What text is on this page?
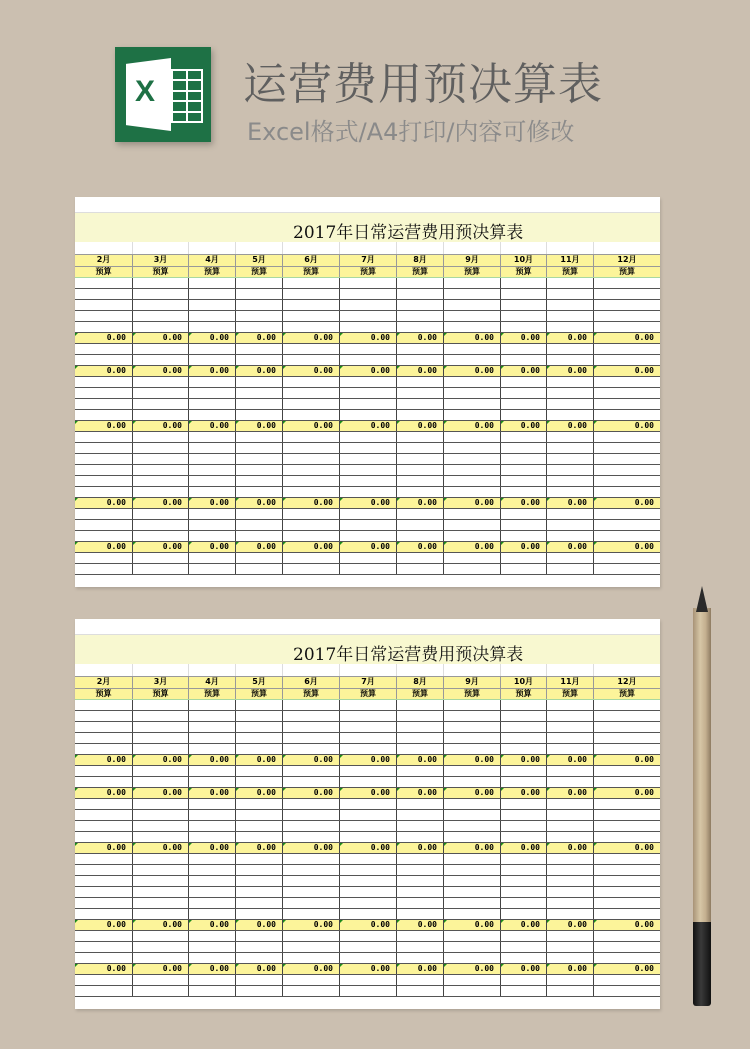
X 运营费用预决算表
Excel格式/A4打印/内容可修改
2017年日常运营费用预决算表
2月	3月	4月	5月	6月	7月	8月	9月	10月	11月	12月
预算	预算	预算	预算	预算	预算	预算	预算	预算	预算	预算
0.00	0.00	0.00	0.00	0.00	0.00	0.00	0.00	0.00	0.00	0.00
0.00	0.00	0.00	0.00	0.00	0.00	0.00	0.00	0.00	0.00	0.00
0.00	0.00	0.00	0.00	0.00	0.00	0.00	0.00	0.00	0.00	0.00
0.00	0.00	0.00	0.00	0.00	0.00	0.00	0.00	0.00	0.00	0.00
0.00	0.00	0.00	0.00	0.00	0.00	0.00	0.00	0.00	0.00	0.00
2017年日常运营费用预决算表
2月	3月	4月	5月	6月	7月	8月	9月	10月	11月	12月
预算	预算	预算	预算	预算	预算	预算	预算	预算	预算	预算
0.00	0.00	0.00	0.00	0.00	0.00	0.00	0.00	0.00	0.00	0.00
0.00	0.00	0.00	0.00	0.00	0.00	0.00	0.00	0.00	0.00	0.00
0.00	0.00	0.00	0.00	0.00	0.00	0.00	0.00	0.00	0.00	0.00
0.00	0.00	0.00	0.00	0.00	0.00	0.00	0.00	0.00	0.00	0.00
0.00	0.00	0.00	0.00	0.00	0.00	0.00	0.00	0.00	0.00	0.00
